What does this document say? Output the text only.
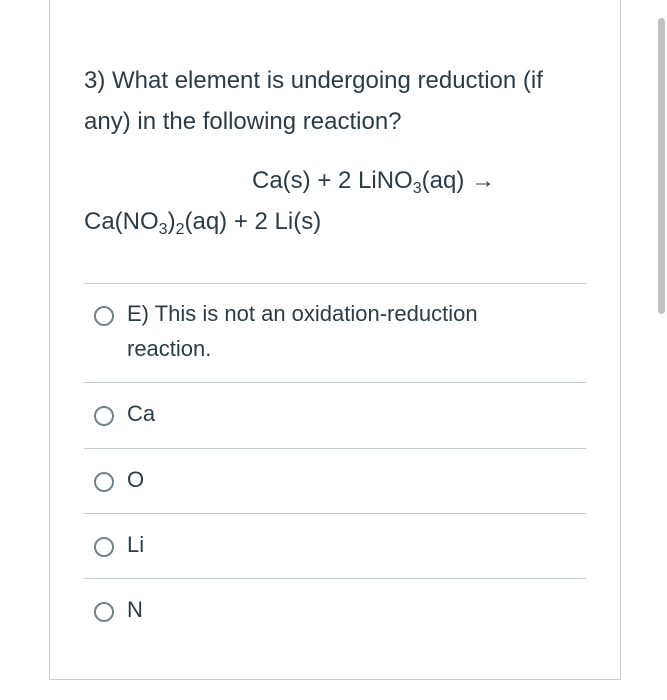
3) What element is undergoing reduction (if any) in the following reaction?
Ca(s) + 2 LiNO$_3$(aq) →
$Ca(NO_3)_2(aq) + 2$ Li(s)
E) This is not an oxidation-reduction reaction.
Ca
O
Li
N
